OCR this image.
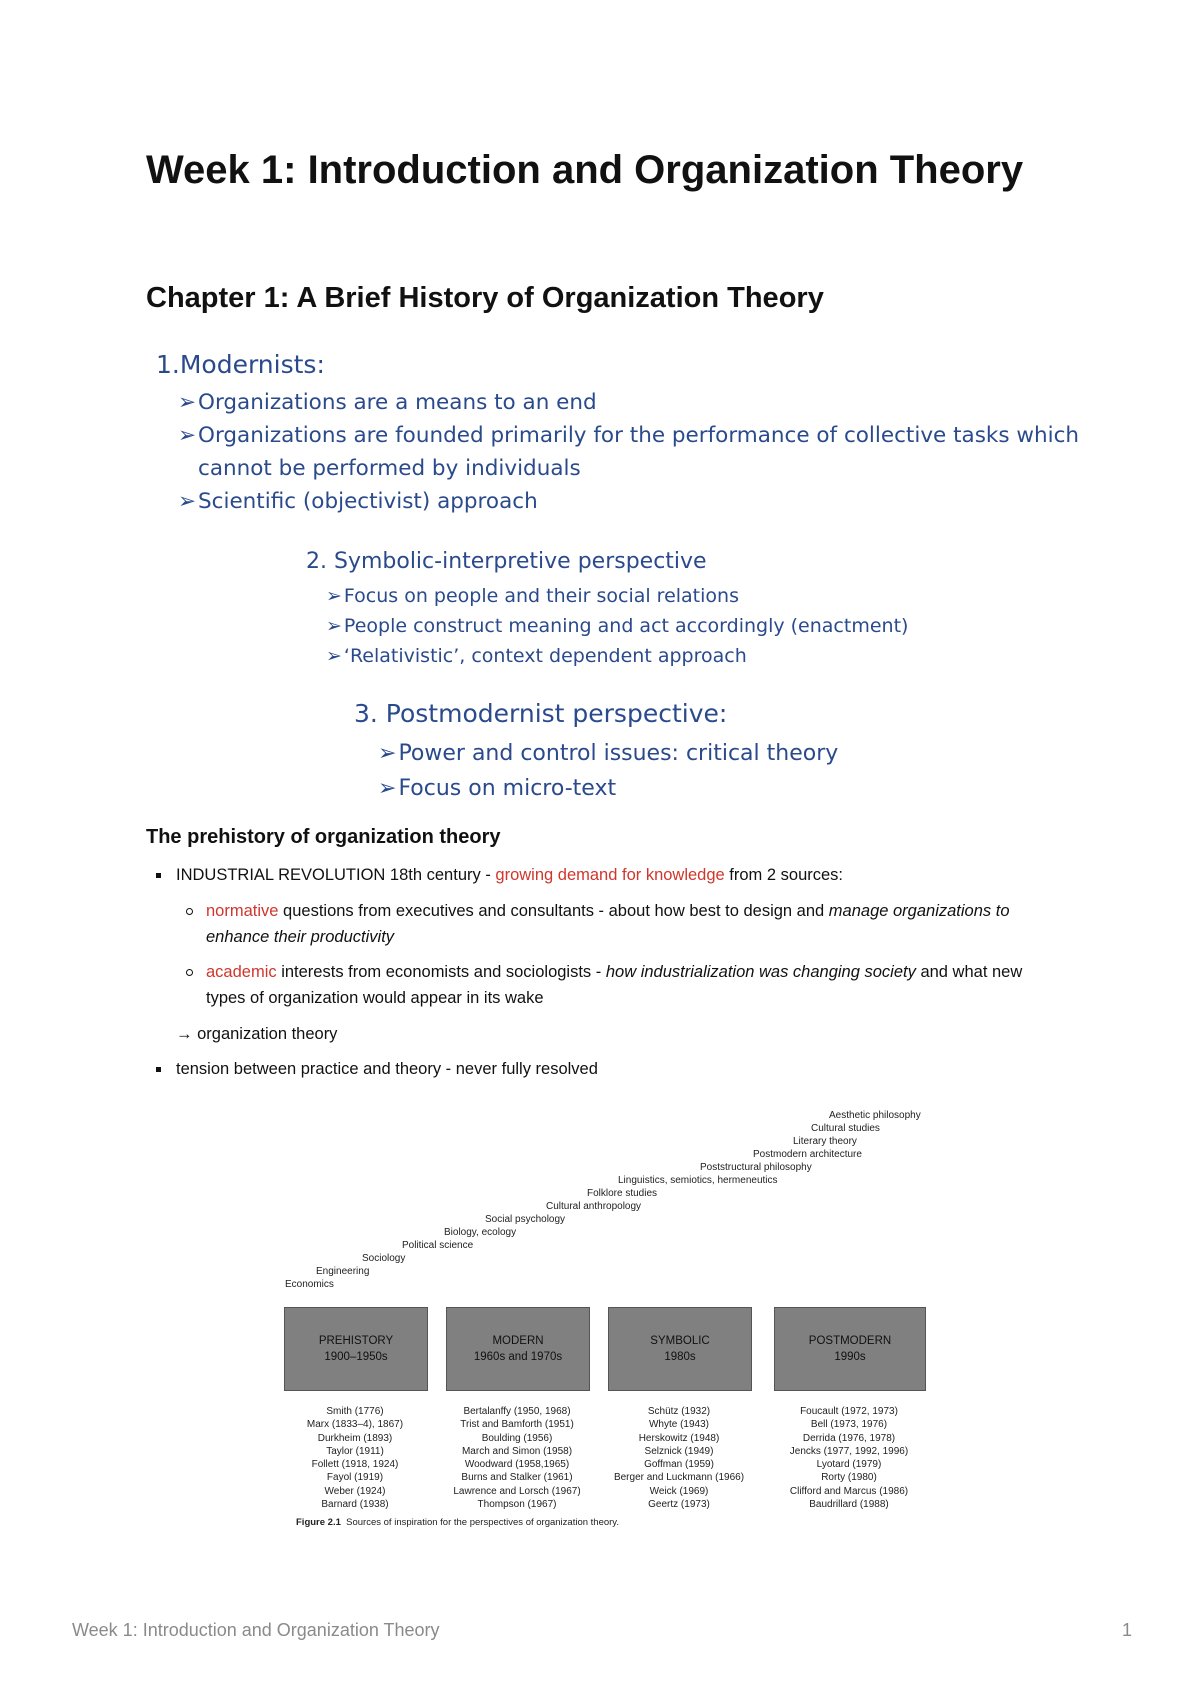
Week 1: Introduction and Organization Theory
Chapter 1: A Brief History of Organization Theory
1.Modernists:
➢Organizations are a means to an end
➢Organizations are founded primarily for the performance of collective tasks which
cannot be performed by individuals
➢Scientific (objectivist) approach
2. Symbolic-interpretive perspective
➢ Focus on people and their social relations
➢ People construct meaning and act accordingly (enactment)
➢ ‘Relativistic’, context dependent approach
3. Postmodernist perspective:
➢Power and control issues: critical theory
➢Focus on micro-text
The prehistory of organization theory
INDUSTRIAL REVOLUTION 18th century - growing demand for knowledge from 2 sources:
normative questions from executives and consultants - about how best to design and manage organizations to enhance their productivity
academic interests from economists and sociologists - how industrialization was changing society and what new types of organization would appear in its wake
→ organization theory
tension between practice and theory - never fully resolved
Aesthetic philosophy
Cultural studies
Literary theory
Postmodern architecture
Poststructural philosophy
Linguistics, semiotics, hermeneutics
Folklore studies
Cultural anthropology
Social psychology
Biology, ecology
Political science
Sociology
Engineering
Economics
PREHISTORY
1900–1950s
MODERN
1960s and 1970s
SYMBOLIC
1980s
POSTMODERN
1990s
Smith (1776)
Marx (1833–4), 1867)
Durkheim (1893)
Taylor (1911)
Follett (1918, 1924)
Fayol (1919)
Weber (1924)
Barnard (1938)
Bertalanffy (1950, 1968)
Trist and Bamforth (1951)
Boulding (1956)
March and Simon (1958)
Woodward (1958,1965)
Burns and Stalker (1961)
Lawrence and Lorsch (1967)
Thompson (1967)
Schütz (1932)
Whyte (1943)
Herskowitz (1948)
Selznick (1949)
Goffman (1959)
Berger and Luckmann (1966)
Weick (1969)
Geertz (1973)
Foucault (1972, 1973)
Bell (1973, 1976)
Derrida (1976, 1978)
Jencks (1977, 1992, 1996)
Lyotard (1979)
Rorty (1980)
Clifford and Marcus (1986)
Baudrillard (1988)
Figure 2.1 Sources of inspiration for the perspectives of organization theory.
Week 1: Introduction and Organization Theory	1
